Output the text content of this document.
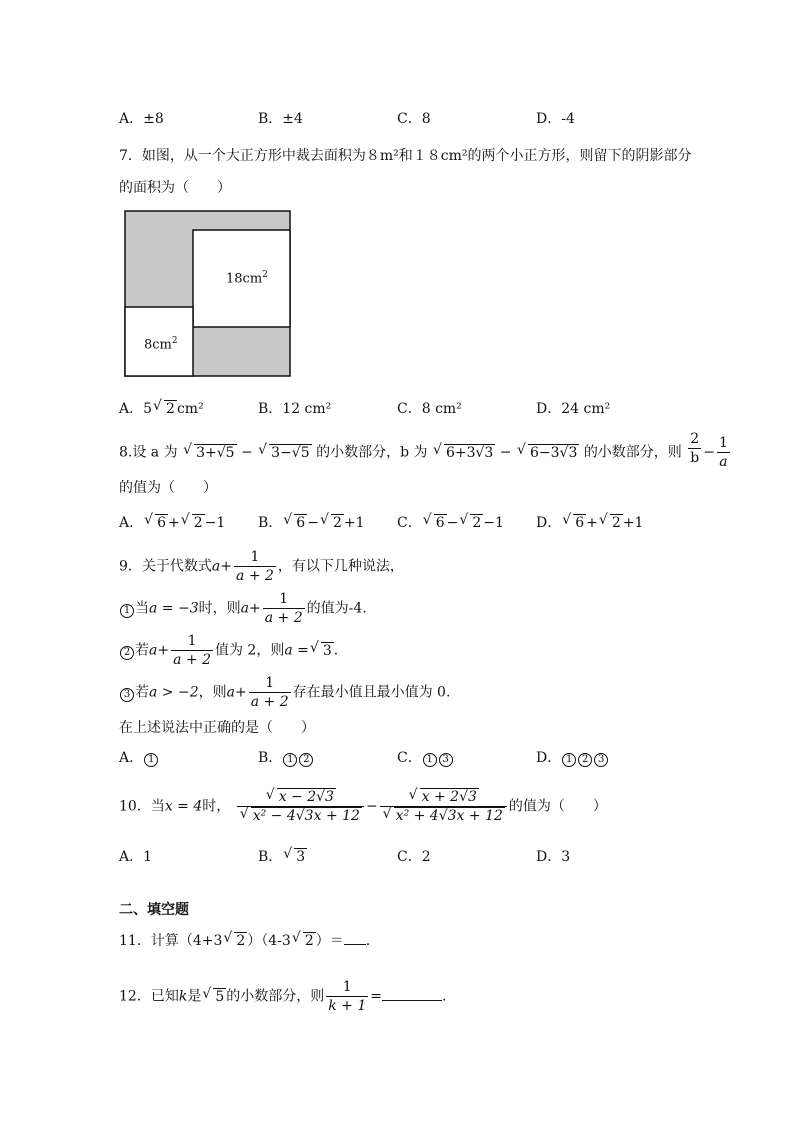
A．±8	B．±4	C．8	D．-4
7．如图，从一个大正方形中裁去面积为８m²和１８cm²的两个小正方形，则留下的阴影部分
的面积为（　　）
$18cm^2$
$8cm^2$
A．5 √ 2 cm²	B．12 cm²	C．8 cm²	D．24 cm²
8.设 a 为 √ 3+√5 − √ 3−√5 的小数部分，b 为 √ 6+3√3 − √ 6−3√3 的小数部分，则 $\frac{2}{b} - \frac{1}{a}$
的值为（　　）
A． √ 6 + √ 2 −1 B． √ 6 − √ 2 +1 C． √ 6 − √ 2 −1 D． √ 6 + √ 2 +1
9．关于代数式$a+ \frac{1}{a + 2}$ ，有以下几种说法，
1 当a = −3时，则$a+ \frac{1}{a + 2}$ 的值为-4.
2 若$a+ \frac{1}{a + 2}$ 值为 2，则a = √ 3 .
3 若a > −2，则$a+ \frac{1}{a + 2}$ 存在最小值且最小值为 0.
在上述说法中正确的是（　　）
A． 1	B． 1 2	C． 1 3	D． 1 2 3
10．当x = 4时， √ x − 2√3
√ x² − 4√3x + 12 − √ x + 2√3
√ x² + 4√3x + 12 的值为（　　）
A．1	B． √ 3	C．2	D．3
二、填空题
11．计算（4+3 √ 2 ）（4-3 √ 2 ）＝ .
12．已知k是 √ 5 的小数部分，则 $\frac{1}{k + 1}$ =	.
